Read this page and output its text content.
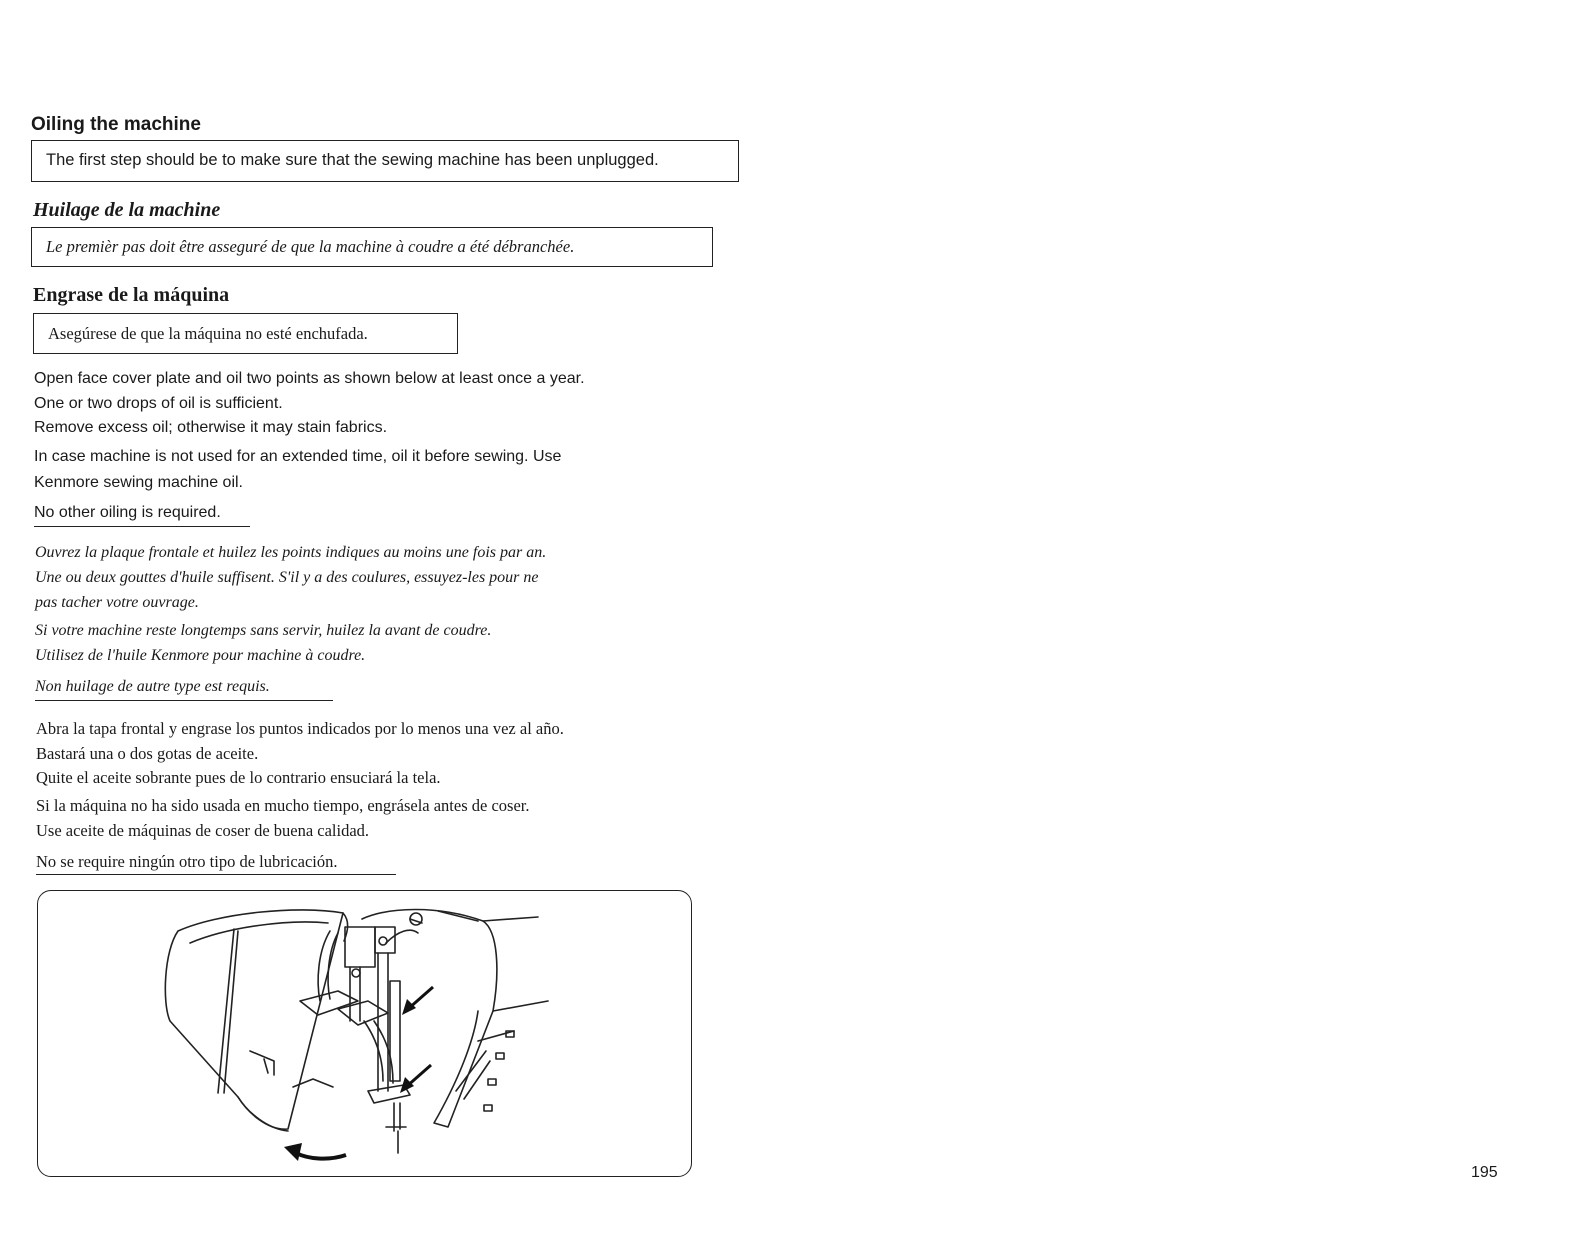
Oiling the machine
The first step should be to make sure that the sewing machine has been unplugged.
Huilage de la machine
Le premièr pas doit être asseguré de que la machine à coudre a été débranchée.
Engrase de la máquina
Asegúrese de que la máquina no esté enchufada.
Open face cover plate and oil two points as shown below at least once a year.
One or two drops of oil is sufficient.
Remove excess oil; otherwise it may stain fabrics.
In case machine is not used for an extended time, oil it before sewing. Use
Kenmore sewing machine oil.
No other oiling is required.
Ouvrez la plaque frontale et huilez les points indiques au moins une fois par an.
Une ou deux gouttes d'huile suffisent. S'il y a des coulures, essuyez-les pour ne
pas tacher votre ouvrage.
Si votre machine reste longtemps sans servir, huilez la avant de coudre.
Utilisez de l'huile Kenmore pour machine à coudre.
Non huilage de autre type est requis.
Abra la tapa frontal y engrase los puntos indicados por lo menos una vez al año.
Bastará una o dos gotas de aceite.
Quite el aceite sobrante pues de lo contrario ensuciará la tela.
Si la máquina no ha sido usada en mucho tiempo, engrásela antes de coser.
Use aceite de máquinas de coser de buena calidad.
No se require ningún otro tipo de lubricación.
195
